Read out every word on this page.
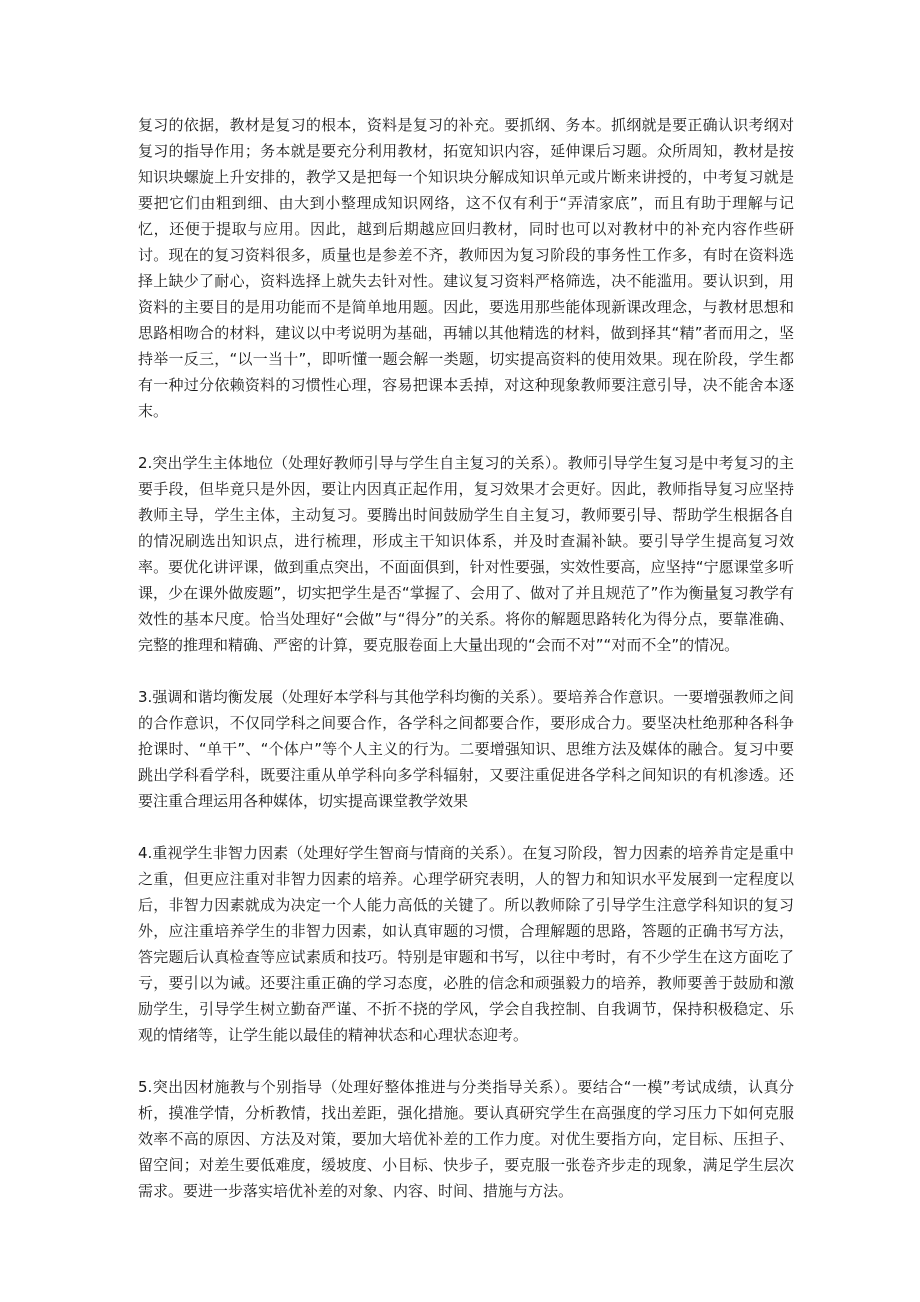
复习的依据，教材是复习的根本，资料是复习的补充。要抓纲、务本。抓纲就是要正确认识考纲对复习的指导作用；务本就是要充分利用教材，拓宽知识内容，延伸课后习题。众所周知，教材是按知识块螺旋上升安排的，教学又是把每一个知识块分解成知识单元或片断来讲授的，中考复习就是要把它们由粗到细、由大到小整理成知识网络，这不仅有利于“弄清家底”，而且有助于理解与记忆，还便于提取与应用。因此，越到后期越应回归教材，同时也可以对教材中的补充内容作些研讨。现在的复习资料很多，质量也是参差不齐，教师因为复习阶段的事务性工作多，有时在资料选择上缺少了耐心，资料选择上就失去针对性。建议复习资料严格筛选，决不能滥用。要认识到，用资料的主要目的是用功能而不是简单地用题。因此，要选用那些能体现新课改理念，与教材思想和思路相吻合的材料，建议以中考说明为基础，再辅以其他精选的材料，做到择其“精”者而用之，坚持举一反三，“以一当十”，即听懂一题会解一类题，切实提高资料的使用效果。现在阶段，学生都有一种过分依赖资料的习惯性心理，容易把课本丢掉，对这种现象教师要注意引导，决不能舍本逐末。

2.突出学生主体地位（处理好教师引导与学生自主复习的关系）。教师引导学生复习是中考复习的主要手段，但毕竟只是外因，要让内因真正起作用，复习效果才会更好。因此，教师指导复习应坚持教师主导，学生主体，主动复习。要腾出时间鼓励学生自主复习，教师要引导、帮助学生根据各自的情况刷选出知识点，进行梳理，形成主干知识体系，并及时查漏补缺。要引导学生提高复习效率。要优化讲评课，做到重点突出，不面面俱到，针对性要强，实效性要高，应坚持“宁愿课堂多听课，少在课外做废题”，切实把学生是否“掌握了、会用了、做对了并且规范了”作为衡量复习教学有效性的基本尺度。恰当处理好“会做”与“得分”的关系。将你的解题思路转化为得分点，要靠准确、完整的推理和精确、严密的计算，要克服卷面上大量出现的“会而不对”“对而不全”的情况。

3.强调和谐均衡发展（处理好本学科与其他学科均衡的关系）。要培养合作意识。一要增强教师之间的合作意识，不仅同学科之间要合作，各学科之间都要合作，要形成合力。要坚决杜绝那种各科争抢课时、“单干”、“个体户”等个人主义的行为。二要增强知识、思维方法及媒体的融合。复习中要跳出学科看学科，既要注重从单学科向多学科辐射，又要注重促进各学科之间知识的有机渗透。还要注重合理运用各种媒体，切实提高课堂教学效果

4.重视学生非智力因素（处理好学生智商与情商的关系）。在复习阶段，智力因素的培养肯定是重中之重，但更应注重对非智力因素的培养。心理学研究表明，人的智力和知识水平发展到一定程度以后，非智力因素就成为决定一个人能力高低的关键了。所以教师除了引导学生注意学科知识的复习外，应注重培养学生的非智力因素，如认真审题的习惯，合理解题的思路，答题的正确书写方法，答完题后认真检查等应试素质和技巧。特别是审题和书写，以往中考时，有不少学生在这方面吃了亏，要引以为诫。还要注重正确的学习态度，必胜的信念和顽强毅力的培养，教师要善于鼓励和激励学生，引导学生树立勤奋严谨、不折不挠的学风，学会自我控制、自我调节，保持积极稳定、乐观的情绪等，让学生能以最佳的精神状态和心理状态迎考。

5.突出因材施教与个别指导（处理好整体推进与分类指导关系）。要结合“一模”考试成绩，认真分析，摸准学情，分析教情，找出差距，强化措施。要认真研究学生在高强度的学习压力下如何克服效率不高的原因、方法及对策，要加大培优补差的工作力度。对优生要指方向，定目标、压担子、留空间；对差生要低难度，缓坡度、小目标、快步子，要克服一张卷齐步走的现象，满足学生层次需求。要进一步落实培优补差的对象、内容、时间、措施与方法。
